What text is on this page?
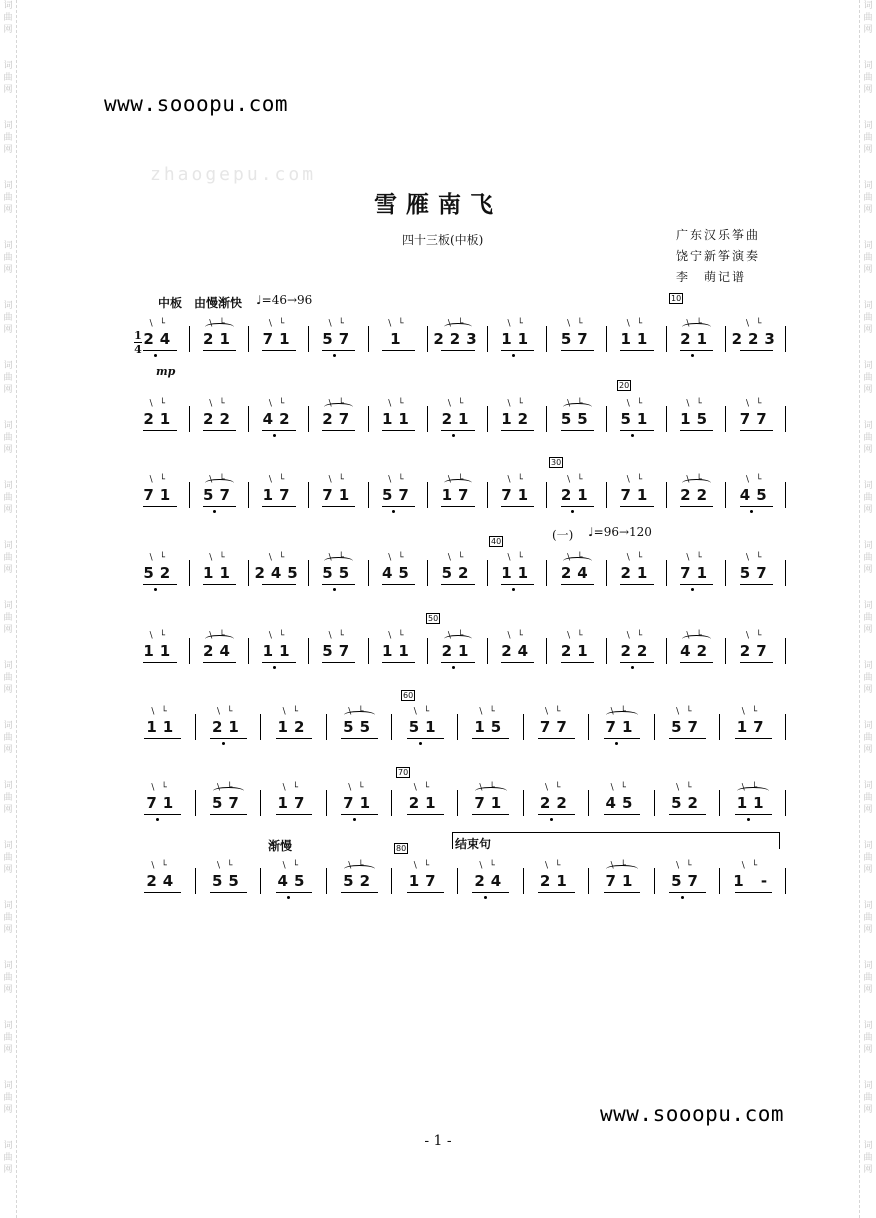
词
曲
网
词
曲
网
词
曲
网
词
曲
网
词
曲
网
词
曲
网
词
曲
网
词
曲
网
词
曲
网
词
曲
网
词
曲
网
词
曲
网
词
曲
网
词
曲
网
词
曲
网
词
曲
网
词
曲
网
词
曲
网
词
曲
网
词
曲
网
词
曲
网
词
曲
网
词
曲
网
词
曲
网
词
曲
网
词
曲
网
词
曲
网
词
曲
网
词
曲
网
词
曲
网
词
曲
网
词
曲
网
词
曲
网
词
曲
网
词
曲
网
词
曲
网
词
曲
网
词
曲
网
词
曲
网
词
曲
网
www.sooopu.com
zhaogepu.com
雪雁南飞
四十三板(中板)	广东汉乐筝曲
饶宁新筝演奏
李　萌记谱
中板 由慢渐快 ♩=46→96
1
4
mp
(一) ♩=96→120
渐慢	结束句
10
20
30
40
50
60
70
80
∖└
24
∖└
21
∖└
71
∖└
57
∖└
1
∖└
223
∖└
11
∖└
57
∖└
11
∖└
21
∖└
223
∖└
21
∖└
22
∖└
42
∖└
27
∖└
11
∖└
21
∖└
12
∖└
55
∖└
51
∖└
15
∖└
77
∖└
71
∖└
57
∖└
17
∖└
71
∖└
57
∖└
17
∖└
71
∖└
21
∖└
71
∖└
22
∖└
45
∖└
52
∖└
11
∖└
245
∖└
55
∖└
45
∖└
52
∖└
11
∖└
24
∖└
21
∖└
71
∖└
57
∖└
11
∖└
24
∖└
11
∖└
57
∖└
11
∖└
21
∖└
24
∖└
21
∖└
22
∖└
42
∖└
27
∖└
11
∖└
21
∖└
12
∖└
55
∖└
51
∖└
15
∖└
77
∖└
71
∖└
57
∖└
17
∖└
71
∖└
57
∖└
17
∖└
71
∖└
21
∖└
71
∖└
22
∖└
45
∖└
52
∖└
11
∖└
24
∖└
55
∖└
45
∖└
52
∖└
17
∖└
24
∖└
21
∖└
71
∖└
57
∖└
1 -
www.sooopu.com
- 1 -
